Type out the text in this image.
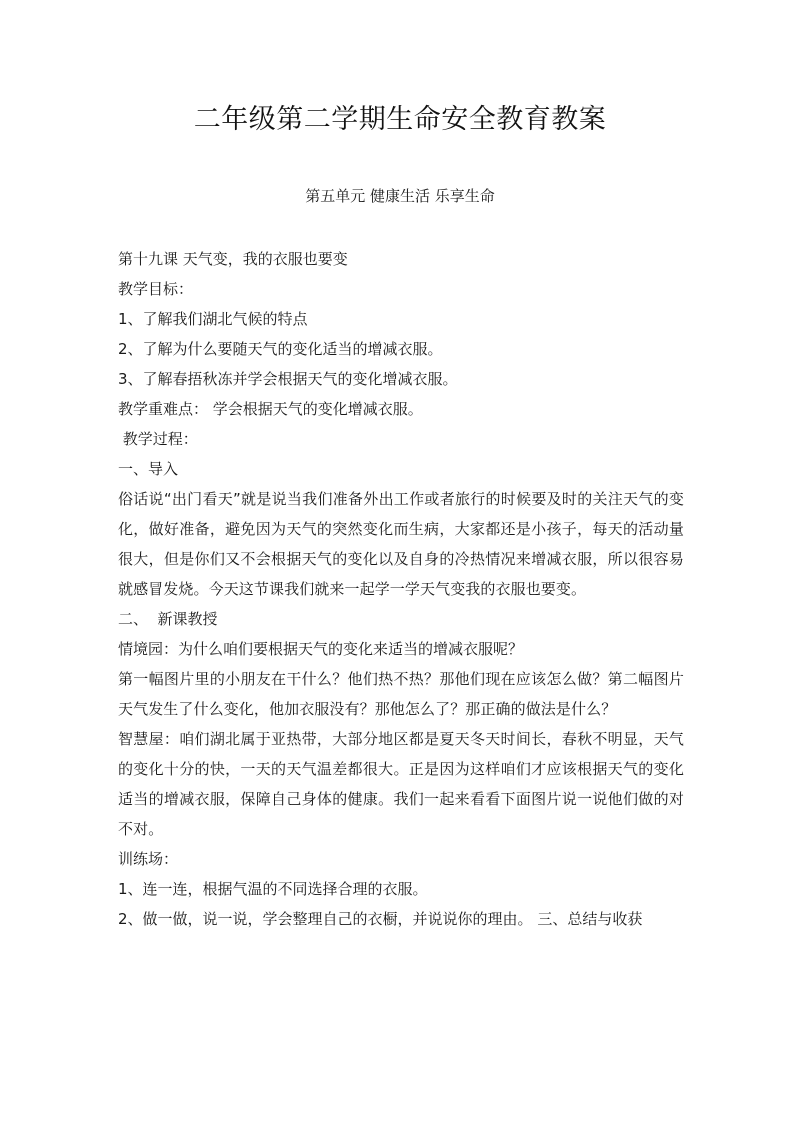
二年级第二学期生命安全教育教案
第五单元 健康生活 乐享生命
第十九课 天气变，我的衣服也要变
教学目标：
1、了解我们湖北气候的特点
2、了解为什么要随天气的变化适当的增减衣服。
3、了解春捂秋冻并学会根据天气的变化增减衣服。
教学重难点： 学会根据天气的变化增减衣服。
教学过程：
一、导入
俗话说“出门看天”就是说当我们准备外出工作或者旅行的时候要及时的关注天气的变化，做好准备，避免因为天气的突然变化而生病，大家都还是小孩子，每天的活动量很大，但是你们又不会根据天气的变化以及自身的冷热情况来增减衣服，所以很容易就感冒发烧。今天这节课我们就来一起学一学天气变我的衣服也要变。
二、  新课教授
情境园：为什么咱们要根据天气的变化来适当的增减衣服呢？
第一幅图片里的小朋友在干什么？他们热不热？那他们现在应该怎么做？第二幅图片天气发生了什么变化，他加衣服没有？那他怎么了？那正确的做法是什么？
智慧屋：咱们湖北属于亚热带，大部分地区都是夏天冬天时间长，春秋不明显，天气的变化十分的快，一天的天气温差都很大。正是因为这样咱们才应该根据天气的变化适当的增减衣服，保障自己身体的健康。我们一起来看看下面图片说一说他们做的对不对。
训练场：
1、连一连，根据气温的不同选择合理的衣服。
2、做一做，说一说，学会整理自己的衣橱，并说说你的理由。 三、总结与收获
